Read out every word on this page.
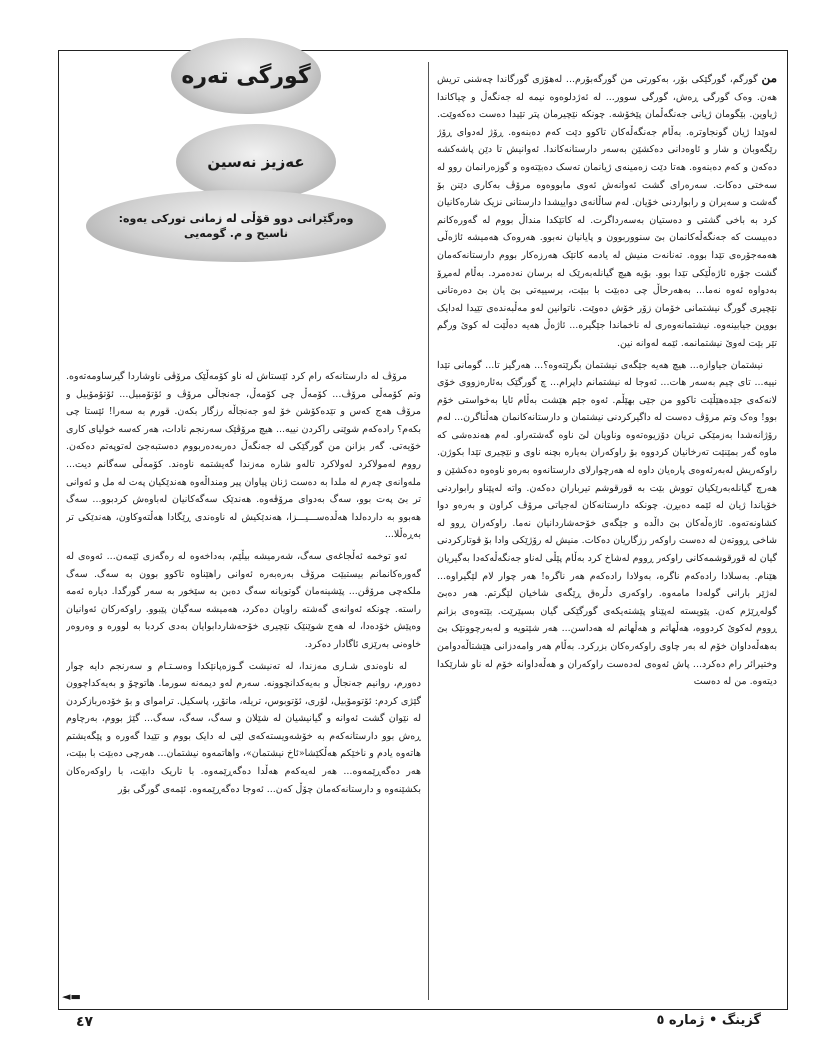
گورگی تەرە
عەزیز نەسین
وەرگێرانی دوو قۆڵی لە زمانی تورکی یەوە: ناسیح و م. گومەیی

من گورگم، گورگێکی بۆر، بەکورتی من گورگەبۆرم... لەهۆزی گورگاندا چەشنی تریش هەن. وەک گورگی ڕەش، گورگی سوور... لە ئەژدلوەوە نیمە لە جەنگەڵ و چیاکاندا ژیاوین. بێگومان ژیانی جەنگەڵمان پێخۆشە. چونکە نێچیرمان پتر تێیدا دەست دەکەوێت. لەوێدا ژیان گونجاوترە. بەڵام جەنگەڵەکان تاکوو دێت کەم دەبنەوە. ڕۆژ لەدوای ڕۆژ رێگەوبان و شار و ئاوەدانی دەکشێن بەسەر دارستانەکاندا. ئەوانیش تا دێن پاشەکشە دەکەن و کەم دەبنەوە. هەتا دێت زەمینەی ژیانمان تەسک دەبێتەوە و گوزەرانمان روو لە سەختی دەکات. سەرەرای گشت ئەوانەش ئەوی مابووەوە مرۆڤ بەکاری دێنن بۆ گەشت و سەیران و رابواردنی خۆیان. لەم ساڵانەی دواییشدا دارستانی نزیک شارەکانیان کرد بە باخی گشتی و دەستیان بەسەرداگرت. لە کاتێکدا منداڵ بووم لە گەورەکانم دەبیست کە جەنگەڵەکانمان بێ سنووربوون و پایانیان نەبوو. هەروەک هەمیشە ئاژەڵی هەمەجۆرەی تێدا بووە. تەنانەت منیش لە یادمە کاتێک هەرزەکار بووم دارستانەکەمان گشت جۆرە ئاژەڵێکی تێدا بوو. بۆیە هیچ گیانلەبەرێک لە برسان نەدەمرد. بەڵام لەمڕۆ بەدواوە ئەوە نەما... بەهەرحاڵ چی دەبێت با ببێت، برسییەتی بێ یان بێ دەرەتانی نێچیری گورگ نیشتمانی خۆمان زۆر خۆش دەوێت. ناتوانین لەو مەڵبەندەی تێیدا لەدایک بووین جیابینەوە. نیشتمانەوەری لە ناخماندا جێگیرە... ئاژەڵ هەیە دەڵێت لە کوێ ورگم تێر بێت لەوێ نیشتمانمە. ئێمە لەوانە نین.

نیشتمان جیاوازە... هیچ هەیە جێگەی نیشتمان بگرێتەوە؟... هەرگیز تا... گومانی تێدا نییە... تای چیم بەسەر هات... ئەوجا لە نیشتمانم داپرام... چ گورگێک بەئارەزووی خۆی لانەکەی جێدەهێڵێت تاکوو من جێی بهێڵم. ئەوە جێم هێشت بەڵام ئایا بەخواستی خۆم بوو! وەک وتم مرۆڤ دەست لە داگیرکردنی نیشتمان و دارستانەکانمان هەڵناگرن... لەم رۆژانەشدا بەزمێکی تریان دۆزیوەتەوە وناویان لێ ناوە گەشتەراو. لەم هەندەشی کە ماوە گەر بمێنێت تەرخانیان کردووە بۆ راوکەران بەیارە بچنە ناوی و نێچیری تێدا بکوژن. راوکەریش لەبەرئەوەی پارەیان داوە لە هەرچوارلای دارستانەوە بەرەو ناوەوە دەکشێن و هەرچ گیانلەبەرێکیان تووش بێت بە قورقوشم تیرباران دەکەن. واتە لەپێناو رابواردنی خۆیاندا ژیان لە ئێمە دەبڕن. چونکە دارستانەکان لەجیاتی مرۆڤ کراون و بەرەو دوا کشاونەتەوە. ئاژەڵەکان بێ داڵدە و جێگەی خۆحەشاردانیان نەما. راوکەران ڕوو لە شاخی ڕووتەن لە دەست راوکەر رزگاریان دەکات. منیش لە رۆژێکی وادا بۆ قوتارکردنی گیان لە قورقوشمەکانی راوکەر ڕووم لەشاخ کرد بەڵام پێڵی لەناو جەنگەڵەکەدا بەگیریان هێنام. بەسلادا رادەکەم ناگرە، بەولادا رادەکەم هەر ناگرە! هەر چوار لام لێگیراوە... لەژێر بارانی گولەدا مامەوە. راوکەری دڵرەق ڕێگەی شاخیان لێگرتم. هەر دەبێ گولەڕێژم کەن. پێویستە لەپێناو پێشتەیکەی گورگێکی گیان بسپێرێت. بێتەوەی بزانم ڕووم لەکوێ کردووە، هەڵهاتم و هەڵهاتم لە هەداسن... هەر شێتویە و لەبەرچوونێک بێ بەهەڵەداوان خۆم لە بەر چاوی راوکەرەکان بزرکرد. بەڵام هەر وامەدزانی هێشتاڵەدوامن وختیرائر رام دەکرد... پاش ئەوەی لەدەست راوکەران و هەڵەداوانە خۆم لە ناو شارێکدا دیتەوە. من لە دەست

مرۆڤ لە دارستانەکە رام کرد ئێستاش لە ناو کۆمەڵێک مرۆڤی ناوشاردا گیرساومەتەوە. وتم کۆمەڵی مرۆڤ... کۆمەڵ چی کۆمەڵ، جەنجاڵی مرۆڤ و ئۆتۆمبیل... ئۆتۆمۆبیل و مرۆڤ هەج کەس و تێدەکۆشن خۆ لەو جەنجاڵە رزگار بکەن. قورم بە سەرا! ئێستا چی بکەم؟ رادەکەم شوێنی راکردن نییە... هیچ مرۆڤێک سەرنجم نادات، هەر کەسە خولیای کاری خۆیەتی. گەر بزانن من گورگێکی لە جەنگەڵ دەربەدەربووم دەستبەجێ لەتوپەتم دەکەن. رووم لەمولاکرد لەولاکرد تالەو شارە مەزندا گەیشتمە ناوەند. کۆمەڵی سەگانم دیت... ملەوانەی چەرم لە ملدا بە دەست ژنان پیاوان پیر ومنداڵەوە هەندێکیان پەت لە مل و ئەوانی تر بێ پەت بوو، سەگ بەدوای مرۆڤەوە. هەندێک سەگەکانیان لەباوەش کردبوو... سەگ هەبوو بە داردەلدا هەڵدەســـیـــزا، هەندێکیش لە ناوەندی ڕێگادا هەڵتەوکاون، هەندێکی تر بەڕەڵلا...

ئەو توخمە ئەڵجاغەی سەگ، شەرمیشە بیڵێم، بەداخەوە لە رەگەزی ئێمەن... ئەوەی لە گەورەکانمانم بیستبێت مرۆڤ بەرەبەرە ئەوانی راهێناوە تاکوو بوون بە سەگ. سەگ ملکەچی مرۆڤن... پێشینەمان گوتویانە سەگ دەبن بە سێخور بە سەر گورگدا. دیارە ئەمە راستە. چونکە ئەوانەی گەشتە راویان دەکرد، هەمیشە سەگیان پێبوو. راوکەرکان ئەوانیان وەپێش خۆدەدا، لە هەج شوێنێک نێچیری خۆحەشاردابوایان بەدی کردبا بە لوورە و وەروەر خاوەنی بەرێزی ئاگادار دەکرد.

لە ناوەندی شـاری مەزندا، لە تەنیشت گـوزەپانێکدا وەسـتـام و سەرنجم دایە چوار دەورم، روانیم جەنجاڵ و بەیەکدانچوونە. سەرم لەو دیمەنە سورما. هاتوچۆ و بەیەکداچوون گێژی کردم: ئۆتومۆبیل، لۆری، ئۆتوبوس، تریلە، ماتۆڕ، پاسکیل. تراموای و بۆ خۆدەربازکردن لە نێوان گشت ئەوانە و گیانیشیان لە شێلان و سەگ، سەگ، سەگ... گێژ بووم، بەرچاوم ڕەش بوو دارستانەکەم بە خۆشەویستەکەی لێی لە دایک بووم و تێیدا گەورە و پێگەیشتم هاتەوە یادم و ناخێکم هەڵکێشا«ئاخ نیشتمان»، واهاتمەوە نیشتمان... هەرچی دەبێت با ببێت، هەر دەگەڕێمەوە... هەر لەیەکەم هەڵدا دەگەڕێمەوە. با تاریک دابێت، با راوکەرەکان بکشێنەوە و دارستانەکەمان چۆڵ کەن... ئەوجا دەگەڕێمەوە. ئێمەی گورگی بۆر

◄▬
٤٧	گزینگ • ژمارە ٥
